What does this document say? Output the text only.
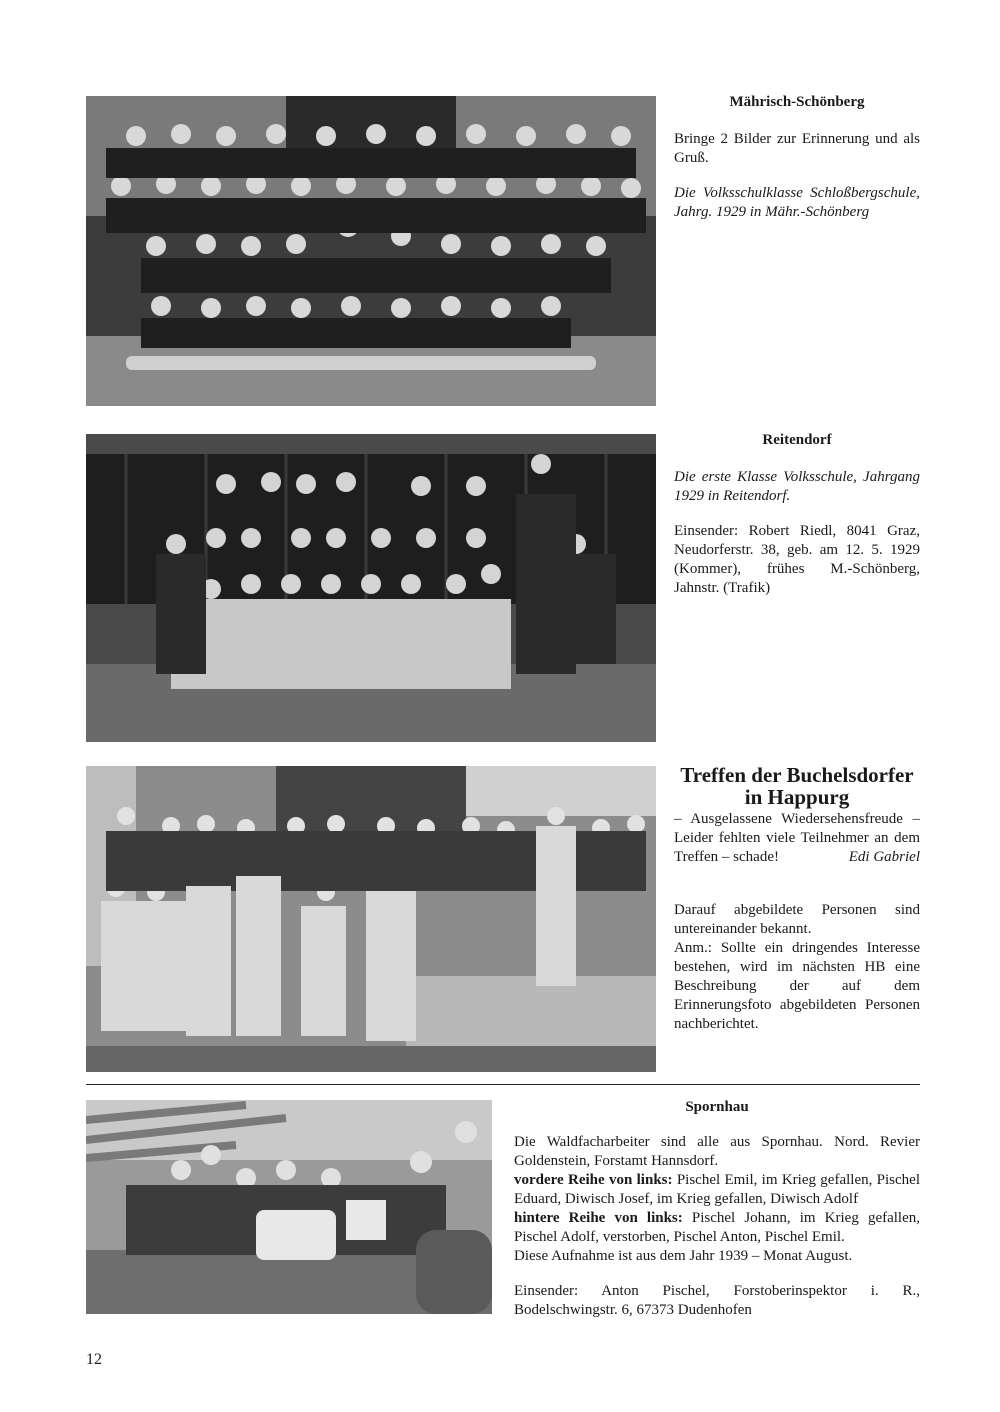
Mährisch-Schönberg

Bringe 2 Bilder zur Erinnerung und als Gruß.

Die Volksschulklasse Schloßbergschule, Jahrg. 1929 in Mähr.-Schönberg

Reitendorf

Die erste Klasse Volksschule, Jahrgang 1929 in Reitendorf.

Einsender: Robert Riedl, 8041 Graz, Neudorferstr. 38, geb. am 12. 5. 1929 (Kommer), frühes M.-Schönberg, Jahnstr. (Trafik)

Treffen der Buchelsdorfer in Happurg

– Ausgelassene Wiedersehensfreude – Leider fehlten viele Teilnehmer an dem Treffen – schade!	Edi Gabriel

Darauf abgebildete Personen sind untereinander bekannt.

Anm.: Sollte ein dringendes Interesse bestehen, wird im nächsten HB eine Beschreibung der auf dem Erinnerungsfoto abgebildeten Personen nachberichtet.

Spornhau

Die Waldfacharbeiter sind alle aus Spornhau. Nord. Revier Goldenstein, Forstamt Hannsdorf.

vordere Reihe von links: Pischel Emil, im Krieg gefallen, Pischel Eduard, Diwisch Josef, im Krieg gefallen, Diwisch Adolf

hintere Reihe von links: Pischel Johann, im Krieg gefallen, Pischel Adolf, verstorben, Pischel Anton, Pischel Emil.

Diese Aufnahme ist aus dem Jahr 1939 – Monat August.

Einsender: Anton Pischel, Forstoberinspektor i. R., Bodelschwingstr. 6, 67373 Dudenhofen

12
